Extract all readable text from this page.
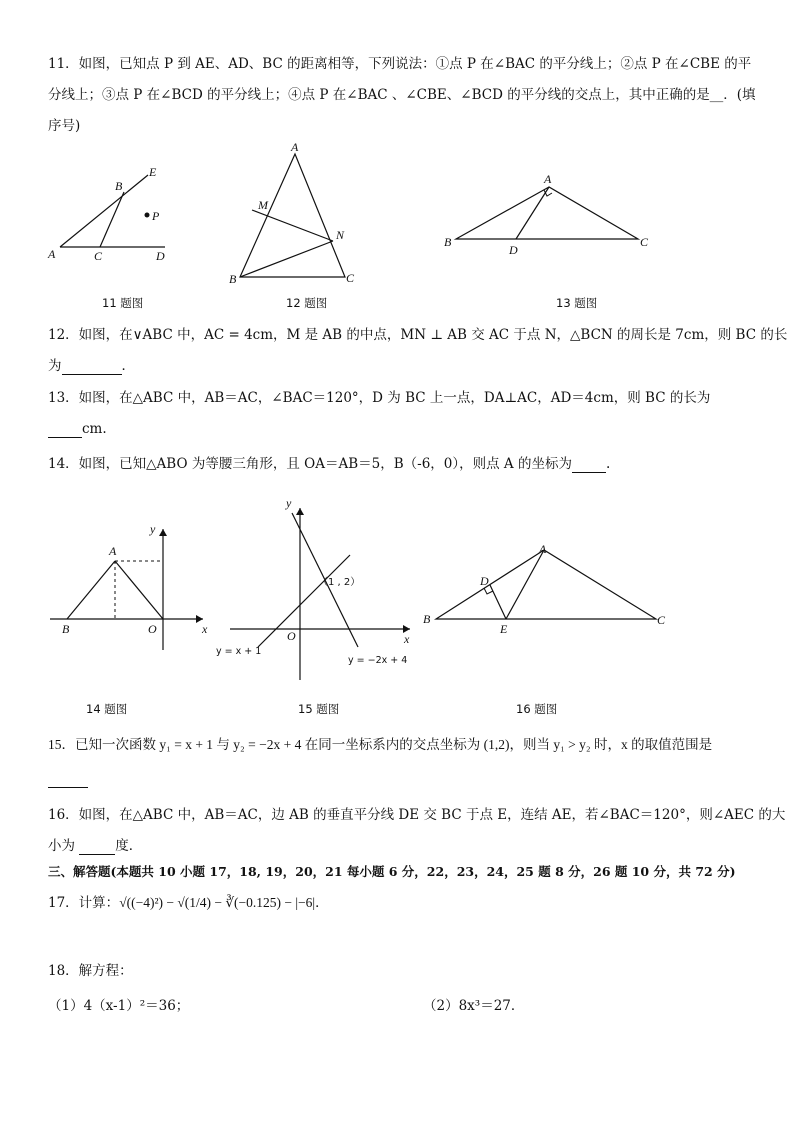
11．如图，已知点 P 到 AE、AD、BC 的距离相等，下列说法：①点 P 在∠BAC 的平分线上；②点 P 在∠CBE 的平
分线上；③点 P 在∠BCD 的平分线上；④点 P 在∠BAC 、∠CBE、∠BCD 的平分线的交点上，其中正确的是__．(填
序号)
A
B
C	D
E
P
A
B	C
M
N
A
B	C
D
11 题图	12 题图	13 题图
12．如图，在∨ABC 中，AC = 4cm，M 是 AB 的中点，MN ⊥ AB 交 AC 于点 N，△BCN 的周长是 7cm，则 BC 的长
为	．
13．如图，在△ABC 中，AB＝AC，∠BAC＝120°，D 为 BC 上一点，DA⊥AC，AD＝4cm，则 BC 的长为
cm.
14．如图，已知△ABO 为等腰三角形，且 OA＝AB＝5，B（-6，0），则点 A 的坐标为	.
y
x
A
B	O
y
x
O
（1 , 2）
y = x + 1
y = −2x + 4
A
B	C
D
E
14 题图	15 题图	16 题图
15．已知一次函数 y₁ = x + 1 与 y₂ = −2x + 4 在同一坐标系内的交点坐标为 (1,2)，则当 y₁ > y₂ 时，x 的取值范围是
16．如图，在△ABC 中，AB＝AC，边 AB 的垂直平分线 DE 交 BC 于点 E，连结 AE，若∠BAC＝120°，则∠AEC 的大
小为	度．
三、解答题(本题共 10 小题 17，18, 19，20，21 每小题 6 分，22，23，24，25 题 8 分，26 题 10 分，共 72 分)
17．计算：√((−4)²) − √(1/4) − ∛(−0.125) − |−6|．
18．解方程：
（1）4（x-1）²＝36；	（2）8x³＝27．
